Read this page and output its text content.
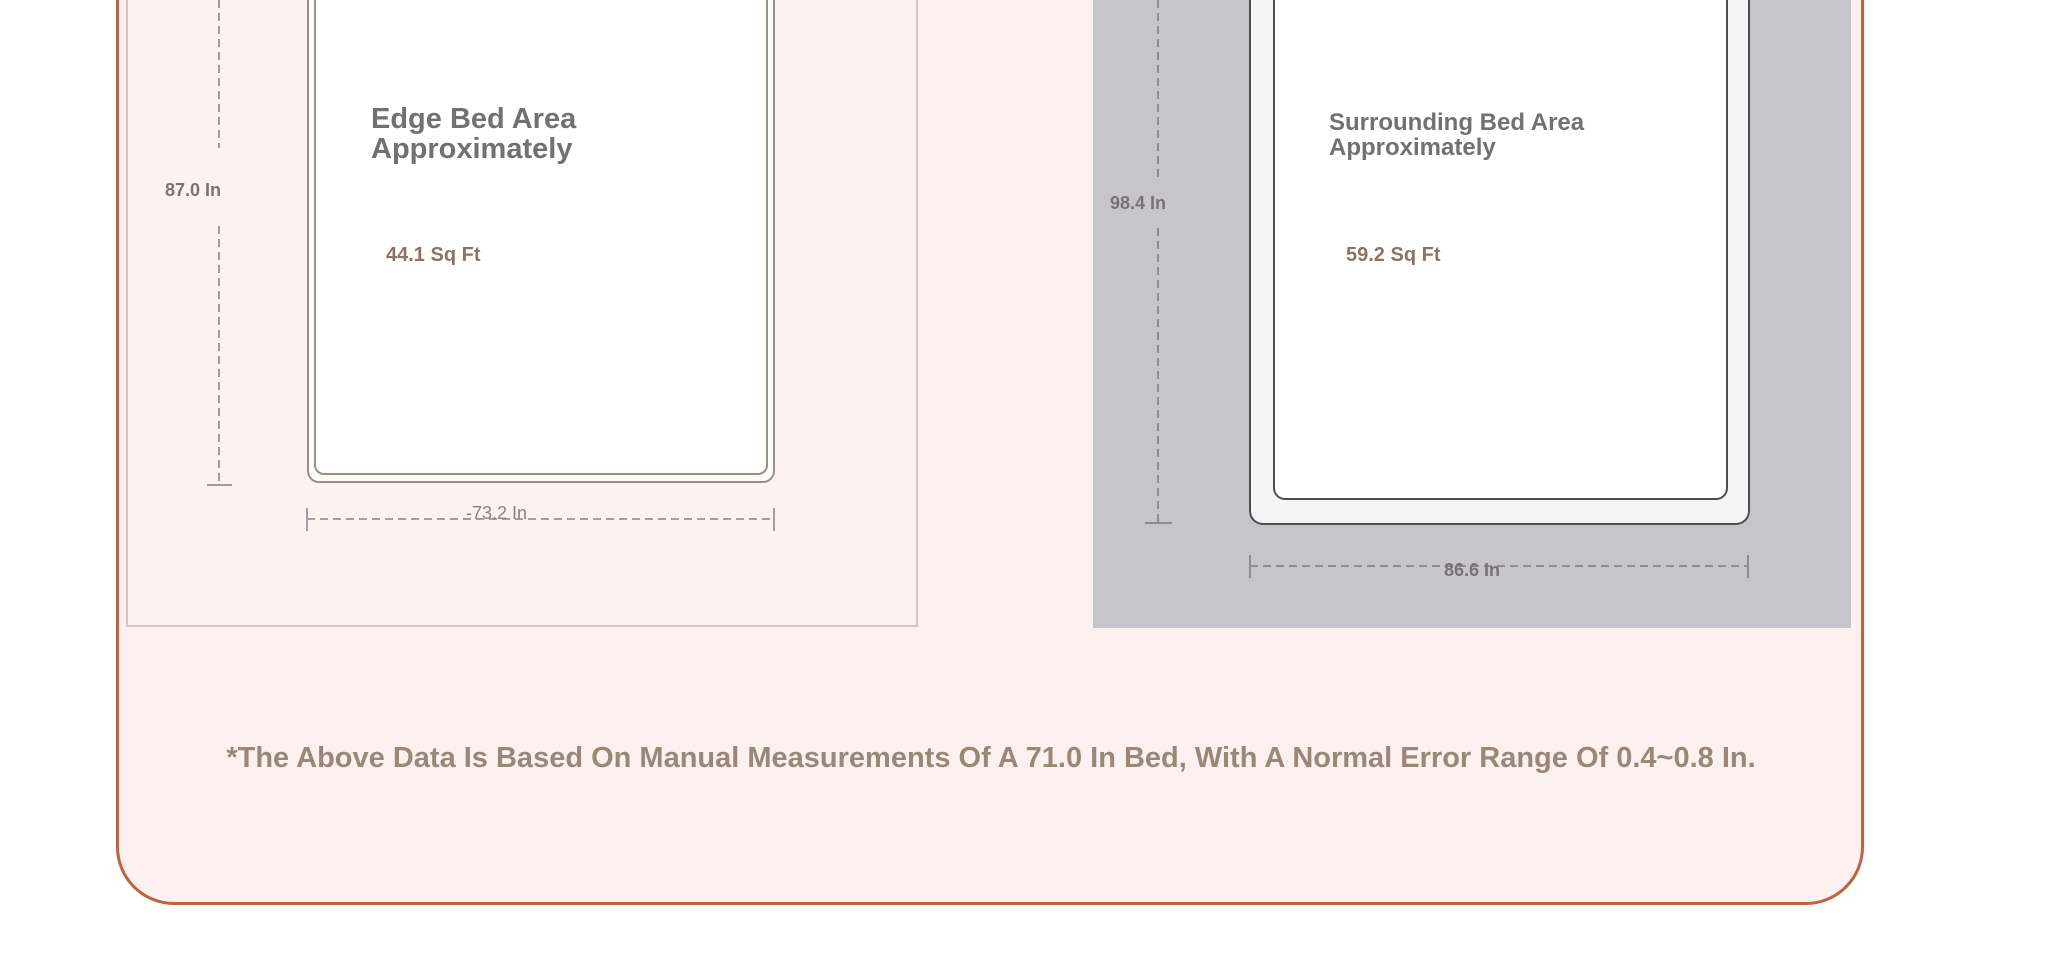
Edge Bed Area
Approximately
44.1 Sq Ft
87.0 In
-73.2 In
Surrounding Bed Area
Approximately
59.2 Sq Ft
98.4 In
86.6 In
*The Above Data Is Based On Manual Measurements Of A 71.0 In Bed, With A Normal Error Range Of 0.4~0.8 In.
